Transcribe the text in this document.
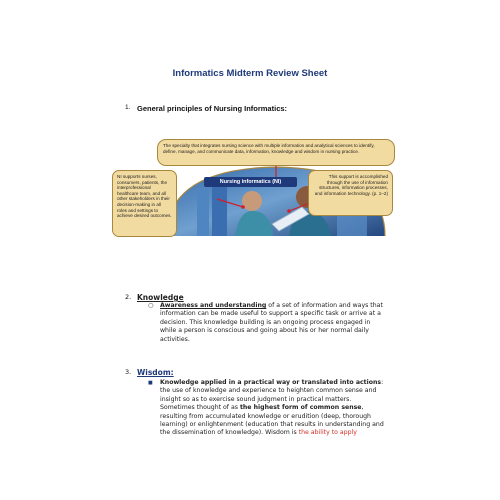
Informatics Midterm Review Sheet
1. General principles of Nursing Informatics:
The specialty that integrates nursing science with multiple information and analytical sciences to identify, define, manage, and communicate data, information, knowledge and wisdom in nursing practice.
Nursing informatics (NI)
NI supports nurses, consumers, patients, the interprofessional healthcare team, and all other stakeholders in their decision-making in all roles and settings to achieve desired outcomes.
This support is accomplished through the use of information structures, information processes, and information technology. (p. 1–2)
2. Knowledge
○ Awareness and understanding of a set of information and ways that information can be made useful to support a specific task or arrive at a decision. This knowledge building is an ongoing process engaged in while a person is conscious and going about his or her normal daily activities.
3. Wisdom:
■ Knowledge applied in a practical way or translated into actions: the use of knowledge and experience to heighten common sense and insight so as to exercise sound judgment in practical matters. Sometimes thought of as the highest form of common sense, resulting from accumulated knowledge or erudition (deep, thorough learning) or enlightenment (education that results in understanding and the dissemination of knowledge). Wisdom is the ability to apply
